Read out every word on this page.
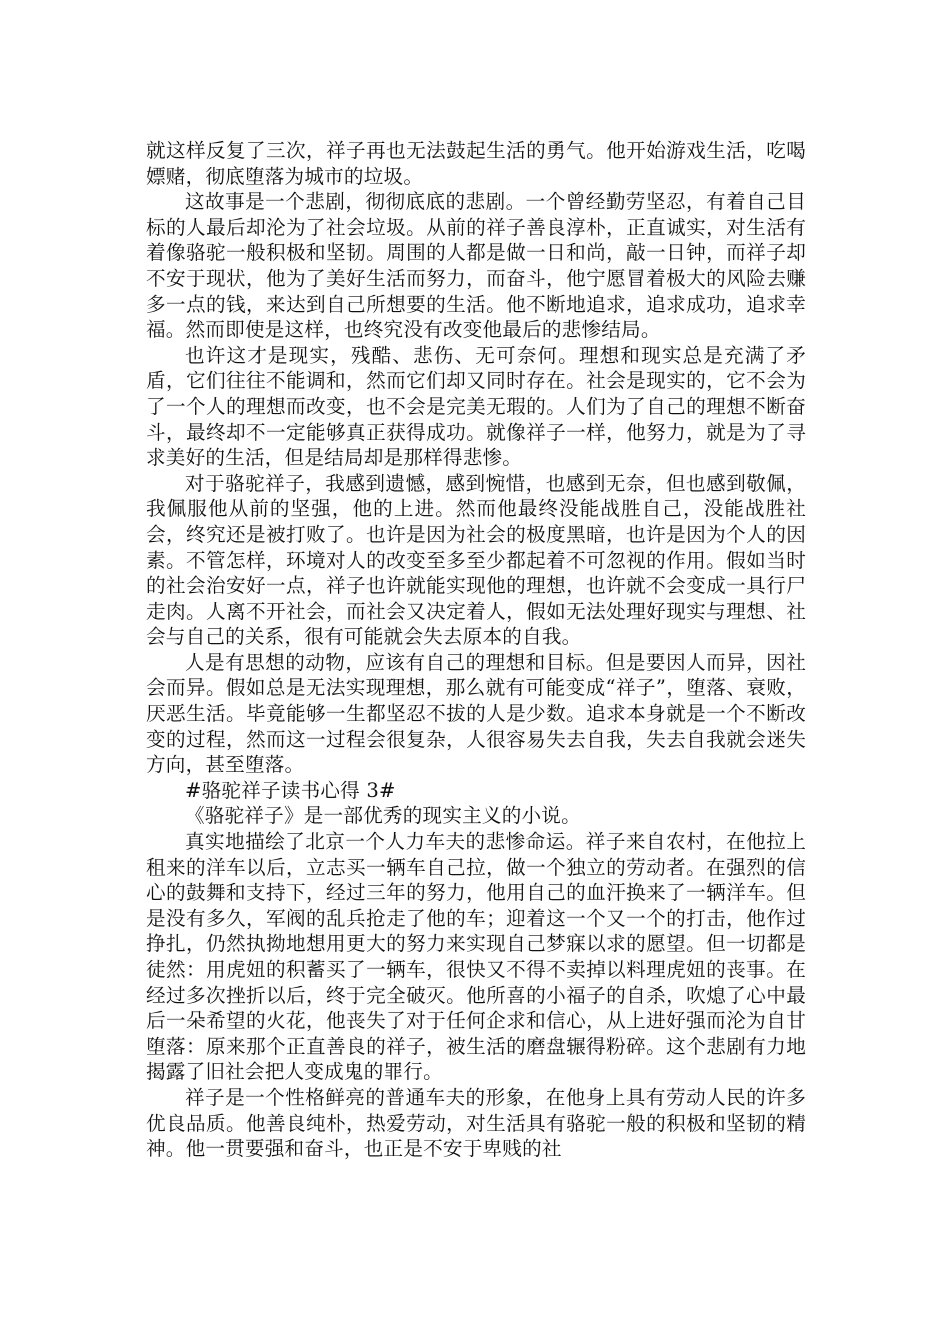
就这样反复了三次，祥子再也无法鼓起生活的勇气。他开始游戏生活，吃喝嫖赌，彻底堕落为城市的垃圾。

这故事是一个悲剧，彻彻底底的悲剧。一个曾经勤劳坚忍，有着自己目标的人最后却沦为了社会垃圾。从前的祥子善良淳朴，正直诚实，对生活有着像骆驼一般积极和坚韧。周围的人都是做一日和尚，敲一日钟，而祥子却不安于现状，他为了美好生活而努力，而奋斗，他宁愿冒着极大的风险去赚多一点的钱，来达到自己所想要的生活。他不断地追求，追求成功，追求幸福。然而即使是这样，也终究没有改变他最后的悲惨结局。

也许这才是现实，残酷、悲伤、无可奈何。理想和现实总是充满了矛盾，它们往往不能调和，然而它们却又同时存在。社会是现实的，它不会为了一个人的理想而改变，也不会是完美无瑕的。人们为了自己的理想不断奋斗，最终却不一定能够真正获得成功。就像祥子一样，他努力，就是为了寻求美好的生活，但是结局却是那样得悲惨。

对于骆驼祥子，我感到遗憾，感到惋惜，也感到无奈，但也感到敬佩，我佩服他从前的坚强，他的上进。然而他最终没能战胜自己，没能战胜社会，终究还是被打败了。也许是因为社会的极度黑暗，也许是因为个人的因素。不管怎样，环境对人的改变至多至少都起着不可忽视的作用。假如当时的社会治安好一点，祥子也许就能实现他的理想，也许就不会变成一具行尸走肉。人离不开社会，而社会又决定着人，假如无法处理好现实与理想、社会与自己的关系，很有可能就会失去原本的自我。

人是有思想的动物，应该有自己的理想和目标。但是要因人而异，因社会而异。假如总是无法实现理想，那么就有可能变成“祥子”，堕落、衰败，厌恶生活。毕竟能够一生都坚忍不拔的人是少数。追求本身就是一个不断改变的过程，然而这一过程会很复杂，人很容易失去自我，失去自我就会迷失方向，甚至堕落。

#骆驼祥子读书心得 3#

《骆驼祥子》是一部优秀的现实主义的小说。

真实地描绘了北京一个人力车夫的悲惨命运。祥子来自农村，在他拉上租来的洋车以后，立志买一辆车自己拉，做一个独立的劳动者。在强烈的信心的鼓舞和支持下，经过三年的努力，他用自己的血汗换来了一辆洋车。但是没有多久，军阀的乱兵抢走了他的车；迎着这一个又一个的打击，他作过挣扎，仍然执拗地想用更大的努力来实现自己梦寐以求的愿望。但一切都是徒然：用虎妞的积蓄买了一辆车，很快又不得不卖掉以料理虎妞的丧事。在经过多次挫折以后，终于完全破灭。他所喜的小福子的自杀，吹熄了心中最后一朵希望的火花，他丧失了对于任何企求和信心，从上进好强而沦为自甘堕落：原来那个正直善良的祥子，被生活的磨盘辗得粉碎。这个悲剧有力地揭露了旧社会把人变成鬼的罪行。

祥子是一个性格鲜亮的普通车夫的形象，在他身上具有劳动人民的许多优良品质。他善良纯朴，热爱劳动，对生活具有骆驼一般的积极和坚韧的精神。他一贯要强和奋斗，也正是不安于卑贱的社
